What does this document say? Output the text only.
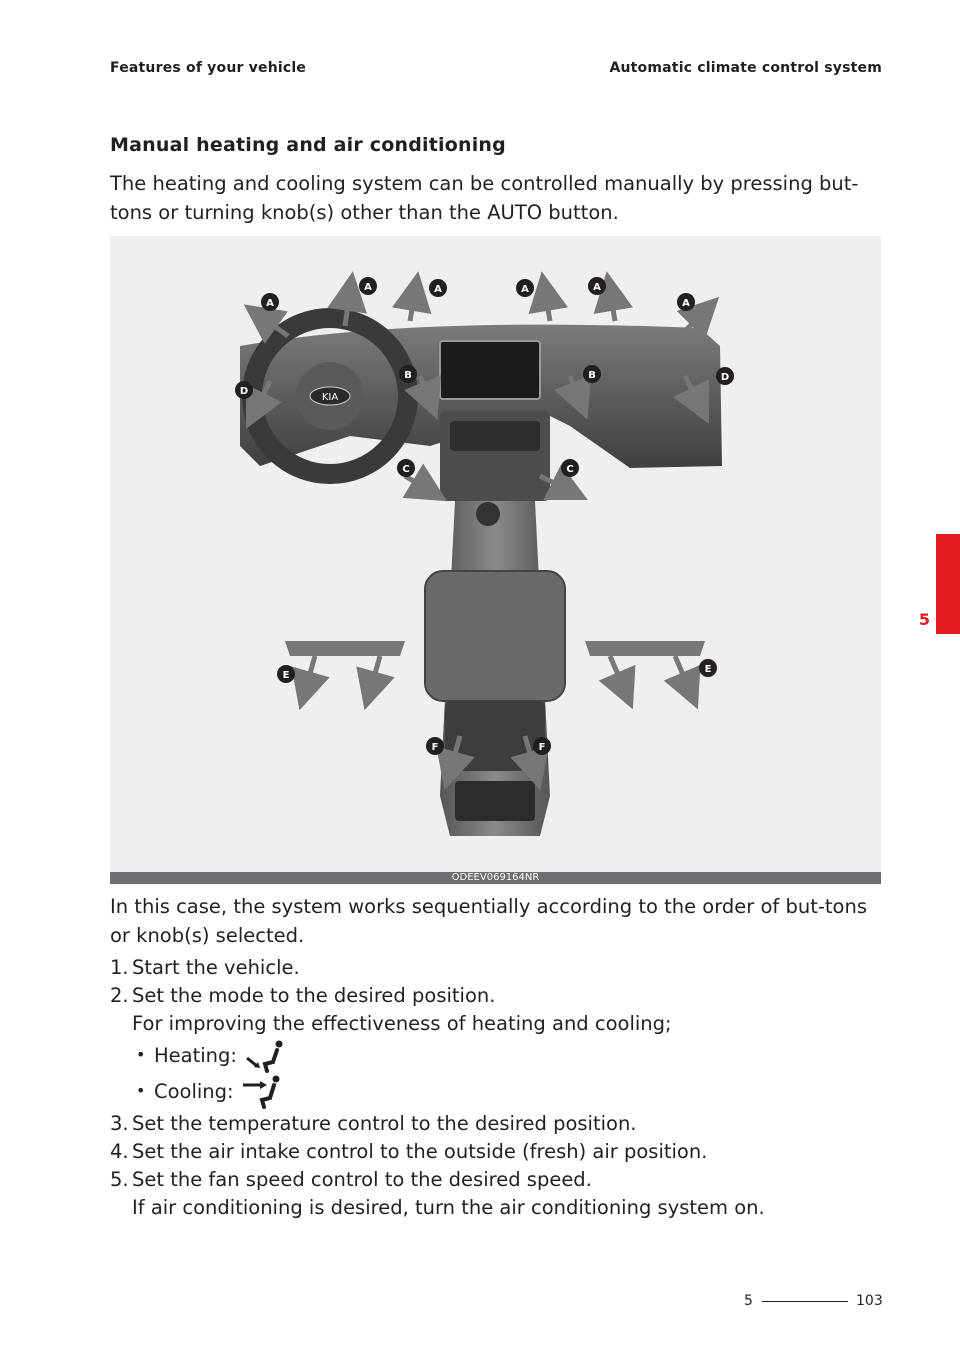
Features of your vehicle	Automatic climate control system
Manual heating and air conditioning
The heating and cooling system can be controlled manually by pressing but-tons or turning knob(s) other than the AUTO button.
KIA
A
A	A	A	A
A
B	B
C	C
D
D
E
E
F	F
ODEEV069164NR
In this case, the system works sequentially according to the order of but-tons or knob(s) selected.
1. Start the vehicle.
2. Set the mode to the desired position.
For improving the effectiveness of heating and cooling;
• Heating:
• Cooling:
3. Set the temperature control to the desired position.
4. Set the air intake control to the outside (fresh) air position.
5. Set the fan speed control to the desired speed.
If air conditioning is desired, turn the air conditioning system on.
5
5	103
